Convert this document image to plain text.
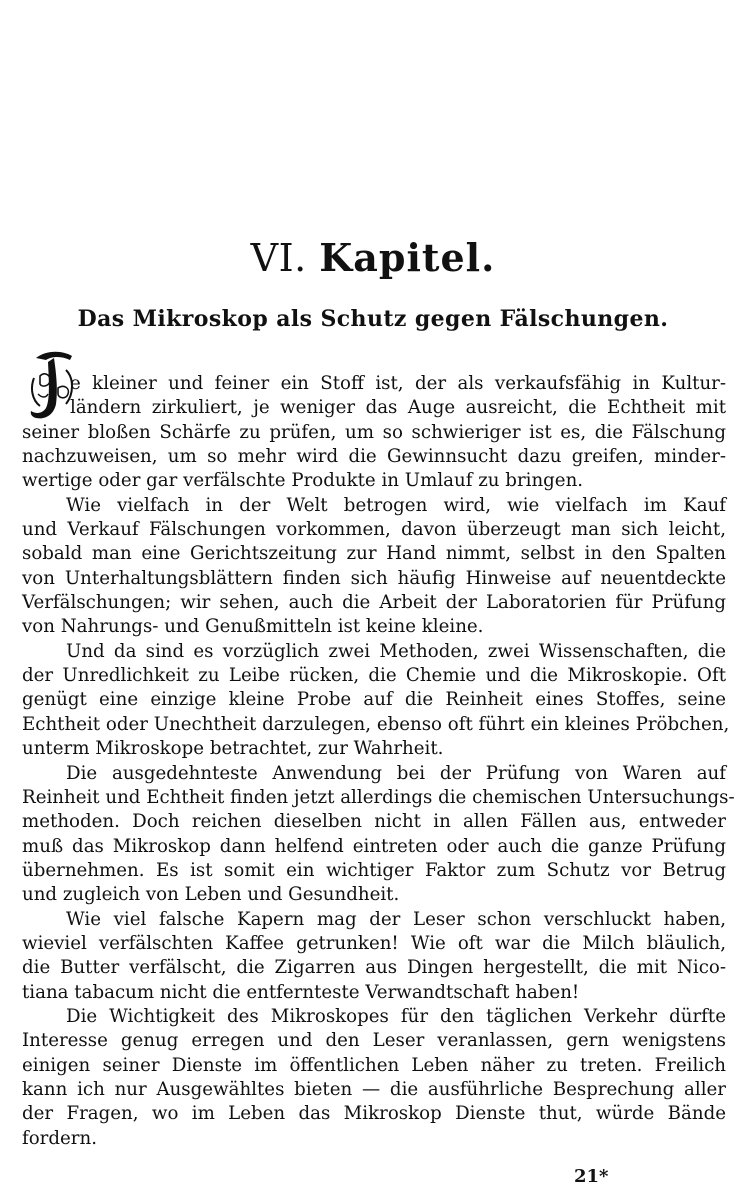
VI. Kapitel.
Das Mikroskop als Schutz gegen Fälschungen.
e kleiner und feiner ein Stoff ist, der als verkaufsfähig in Kultur-
ländern zirkuliert, je weniger das Auge ausreicht, die Echtheit mit
seiner bloßen Schärfe zu prüfen, um so schwieriger ist es, die Fälschung
nachzuweisen, um so mehr wird die Gewinnsucht dazu greifen, minder-
wertige oder gar verfälschte Produkte in Umlauf zu bringen.
Wie vielfach in der Welt betrogen wird, wie vielfach im Kauf
und Verkauf Fälschungen vorkommen, davon überzeugt man sich leicht,
sobald man eine Gerichtszeitung zur Hand nimmt, selbst in den Spalten
von Unterhaltungsblättern finden sich häufig Hinweise auf neuentdeckte
Verfälschungen; wir sehen, auch die Arbeit der Laboratorien für Prüfung
von Nahrungs- und Genußmitteln ist keine kleine.
Und da sind es vorzüglich zwei Methoden, zwei Wissenschaften, die
der Unredlichkeit zu Leibe rücken, die Chemie und die Mikroskopie. Oft
genügt eine einzige kleine Probe auf die Reinheit eines Stoffes, seine
Echtheit oder Unechtheit darzulegen, ebenso oft führt ein kleines Pröbchen,
unterm Mikroskope betrachtet, zur Wahrheit.
Die ausgedehnteste Anwendung bei der Prüfung von Waren auf
Reinheit und Echtheit finden jetzt allerdings die chemischen Untersuchungs-
methoden. Doch reichen dieselben nicht in allen Fällen aus, entweder
muß das Mikroskop dann helfend eintreten oder auch die ganze Prüfung
übernehmen. Es ist somit ein wichtiger Faktor zum Schutz vor Betrug
und zugleich von Leben und Gesundheit.
Wie viel falsche Kapern mag der Leser schon verschluckt haben,
wieviel verfälschten Kaffee getrunken! Wie oft war die Milch bläulich,
die Butter verfälscht, die Zigarren aus Dingen hergestellt, die mit Nico-
tiana tabacum nicht die entfernteste Verwandtschaft haben!
Die Wichtigkeit des Mikroskopes für den täglichen Verkehr dürfte
Interesse genug erregen und den Leser veranlassen, gern wenigstens
einigen seiner Dienste im öffentlichen Leben näher zu treten. Freilich
kann ich nur Ausgewähltes bieten — die ausführliche Besprechung aller
der Fragen, wo im Leben das Mikroskop Dienste thut, würde Bände
fordern.
21*
